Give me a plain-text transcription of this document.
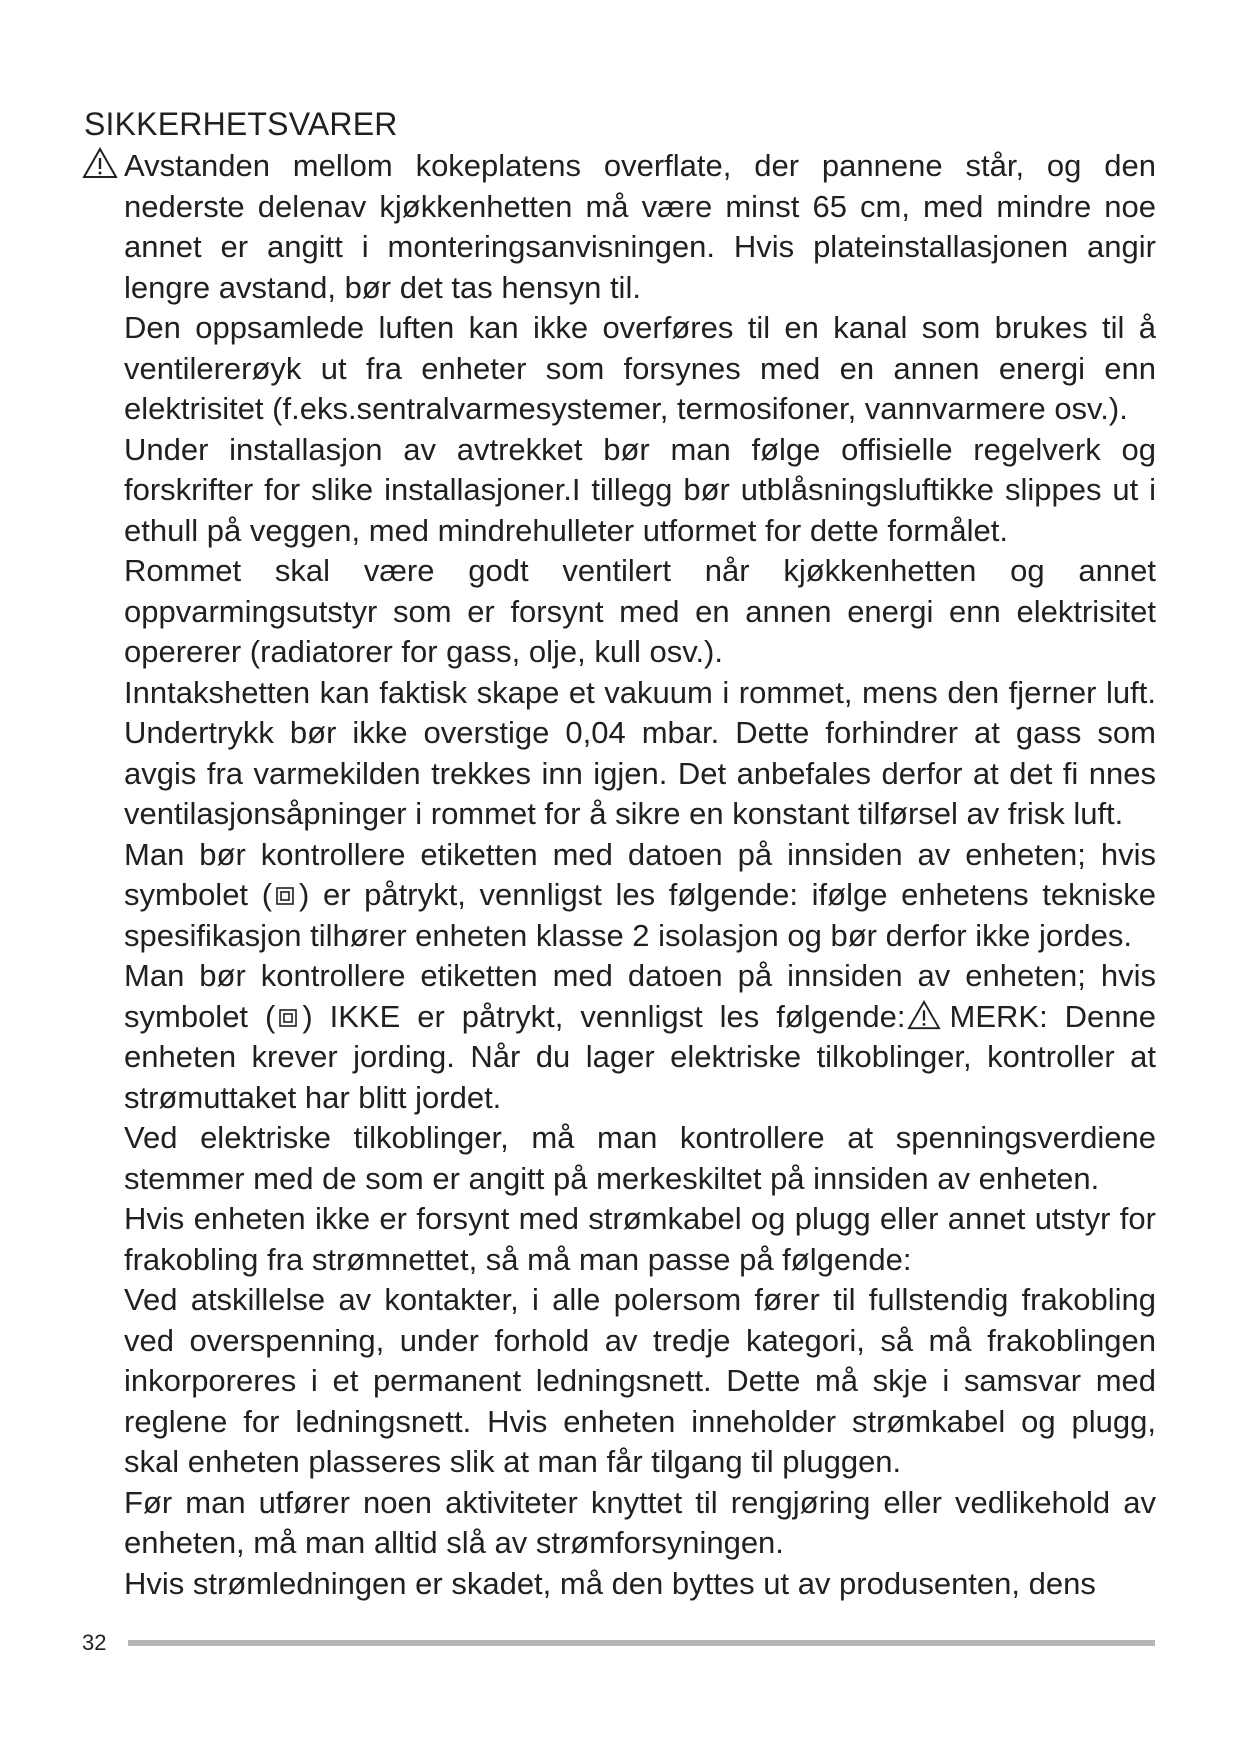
SIKKERHETSVARER

Avstanden mellom kokeplatens overflate, der pannene står, og den nederste delenav kjøkkenhetten må være minst 65 cm, med mindre noe annet er angitt i monteringsanvisningen. Hvis plateinstallasjonen angir lengre avstand, bør det tas hensyn til.

Den oppsamlede luften kan ikke overføres til en kanal som brukes til å ventilererøyk ut fra enheter som forsynes med en annen energi enn elektrisitet (f.eks.sentralvarmesystemer, termosifoner, vannvarmere osv.).

Under installasjon av avtrekket bør man følge offisielle regelverk og forskrifter for slike installasjoner.I tillegg bør utblåsningsluftikke slippes ut i ethull på veggen, med mindrehulleter utformet for dette formålet.

Rommet skal være godt ventilert når kjøkkenhetten og annet oppvarmingsutstyr som er forsynt med en annen energi enn elektrisitet opererer (radiatorer for gass, olje, kull osv.).

Inntakshetten kan faktisk skape et vakuum i rommet, mens den fjerner luft. Undertrykk bør ikke overstige 0,04 mbar. Dette forhindrer at gass som avgis fra varmekilden trekkes inn igjen. Det anbefales derfor at det fi nnes ventilasjonsåpninger i rommet for å sikre en konstant tilførsel av frisk luft.

Man bør kontrollere etiketten med datoen på innsiden av enheten; hvis symbolet ( ) er påtrykt, vennligst les følgende: ifølge enhetens tekniske spesifikasjon tilhører enheten klasse 2 isolasjon og bør derfor ikke jordes.

Man bør kontrollere etiketten med datoen på innsiden av enheten; hvis symbolet ( ) IKKE er påtrykt, vennligst les følgende: MERK: Denne enheten krever jording. Når du lager elektriske tilkoblinger, kontroller at strømuttaket har blitt jordet.

Ved elektriske tilkoblinger, må man kontrollere at spenningsverdiene stemmer med de som er angitt på merkeskiltet på innsiden av enheten.

Hvis enheten ikke er forsynt med strømkabel og plugg eller annet utstyr for frakobling fra strømnettet, så må man passe på følgende:

Ved atskillelse av kontakter, i alle polersom fører til fullstendig frakobling ved overspenning, under forhold av tredje kategori, så må frakoblingen inkorporeres i et permanent ledningsnett. Dette må skje i samsvar med reglene for ledningsnett. Hvis enheten inneholder strømkabel og plugg, skal enheten plasseres slik at man får tilgang til pluggen.

Før man utfører noen aktiviteter knyttet til rengjøring eller vedlikehold av enheten, må man alltid slå av strømforsyningen.

Hvis strømledningen er skadet, må den byttes ut av produsenten, dens

32
